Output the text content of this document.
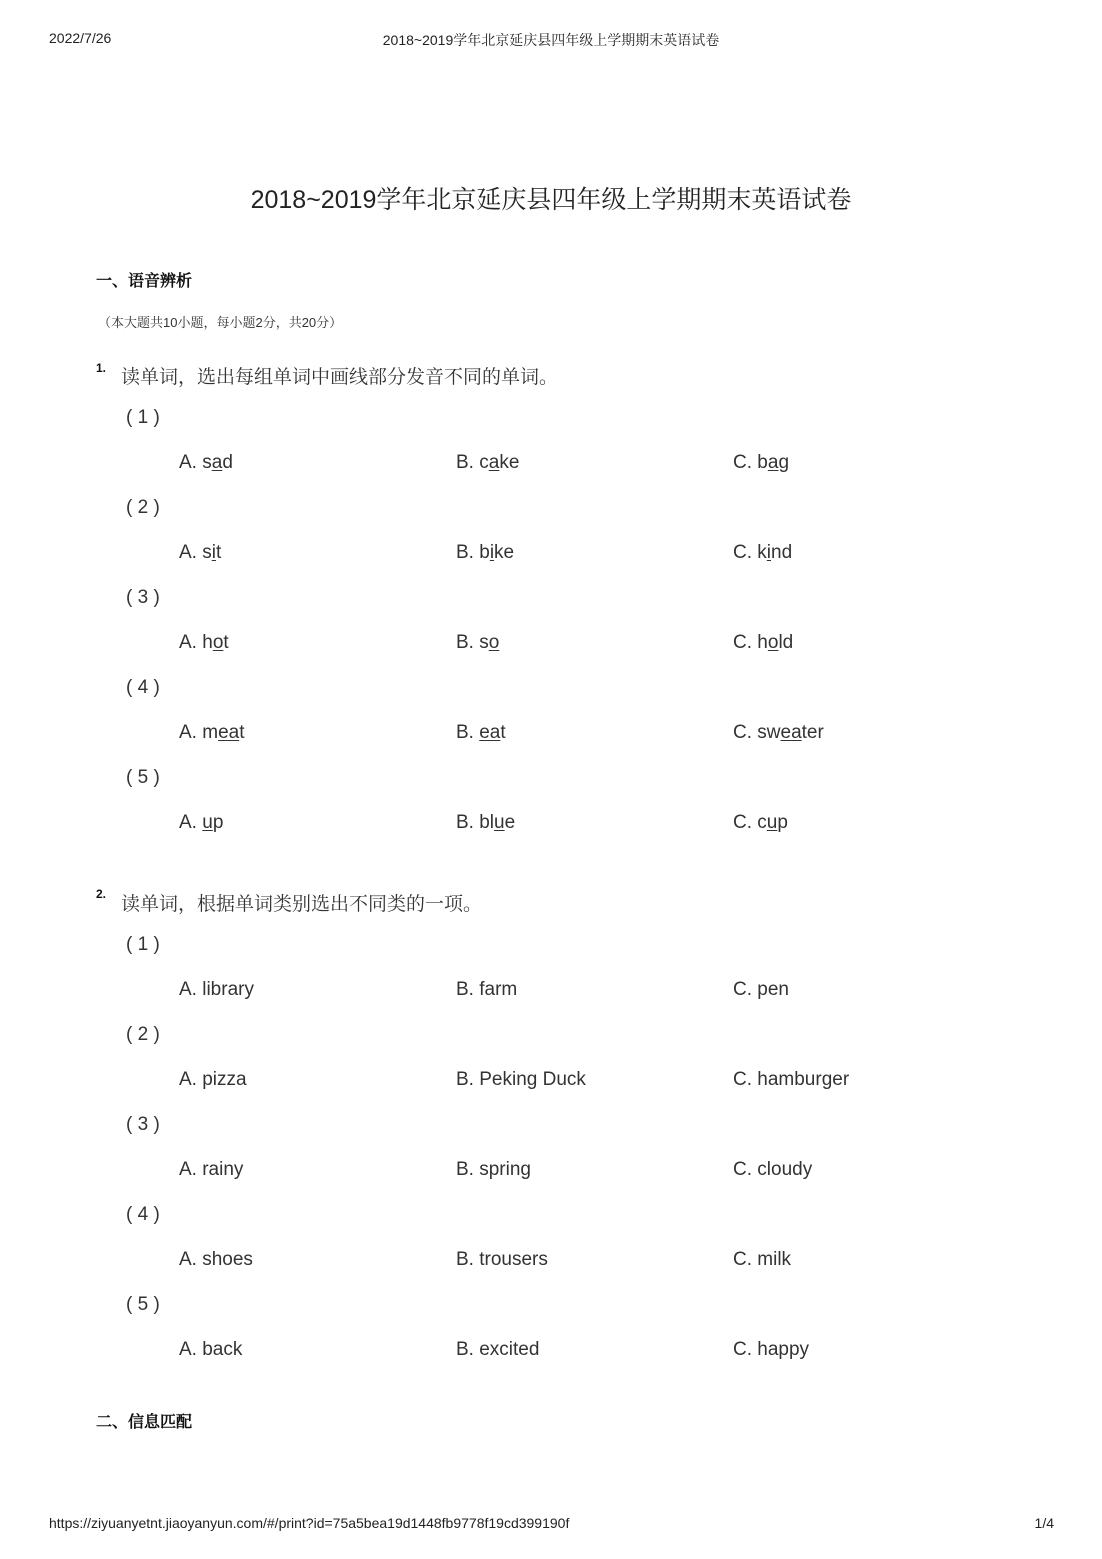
2022/7/26	2018~2019学年北京延庆县四年级上学期期末英语试卷
https://ziyuanyetnt.jiaoyanyun.com/#/print?id=75a5bea19d1448fb9778f19cd399190f	1/4
2018~2019学年北京延庆县四年级上学期期末英语试卷
一、语音辨析
（本大题共10小题，每小题2分，共20分）
1. 读单词，选出每组单词中画线部分发音不同的单词。
( 1 )
A. sad	B. cake	C. bag
( 2 )
A. sit	B. bike	C. kind
( 3 )
A. hot	B. so	C. hold
( 4 )
A. meat	B. eat	C. sweater
( 5 )
A. up	B. blue	C. cup
2. 读单词，根据单词类别选出不同类的一项。
( 1 )
A. library	B. farm	C. pen
( 2 )
A. pizza	B. Peking Duck	C. hamburger
( 3 )
A. rainy	B. spring	C. cloudy
( 4 )
A. shoes	B. trousers	C. milk
( 5 )
A. back	B. excited	C. happy
二、信息匹配
